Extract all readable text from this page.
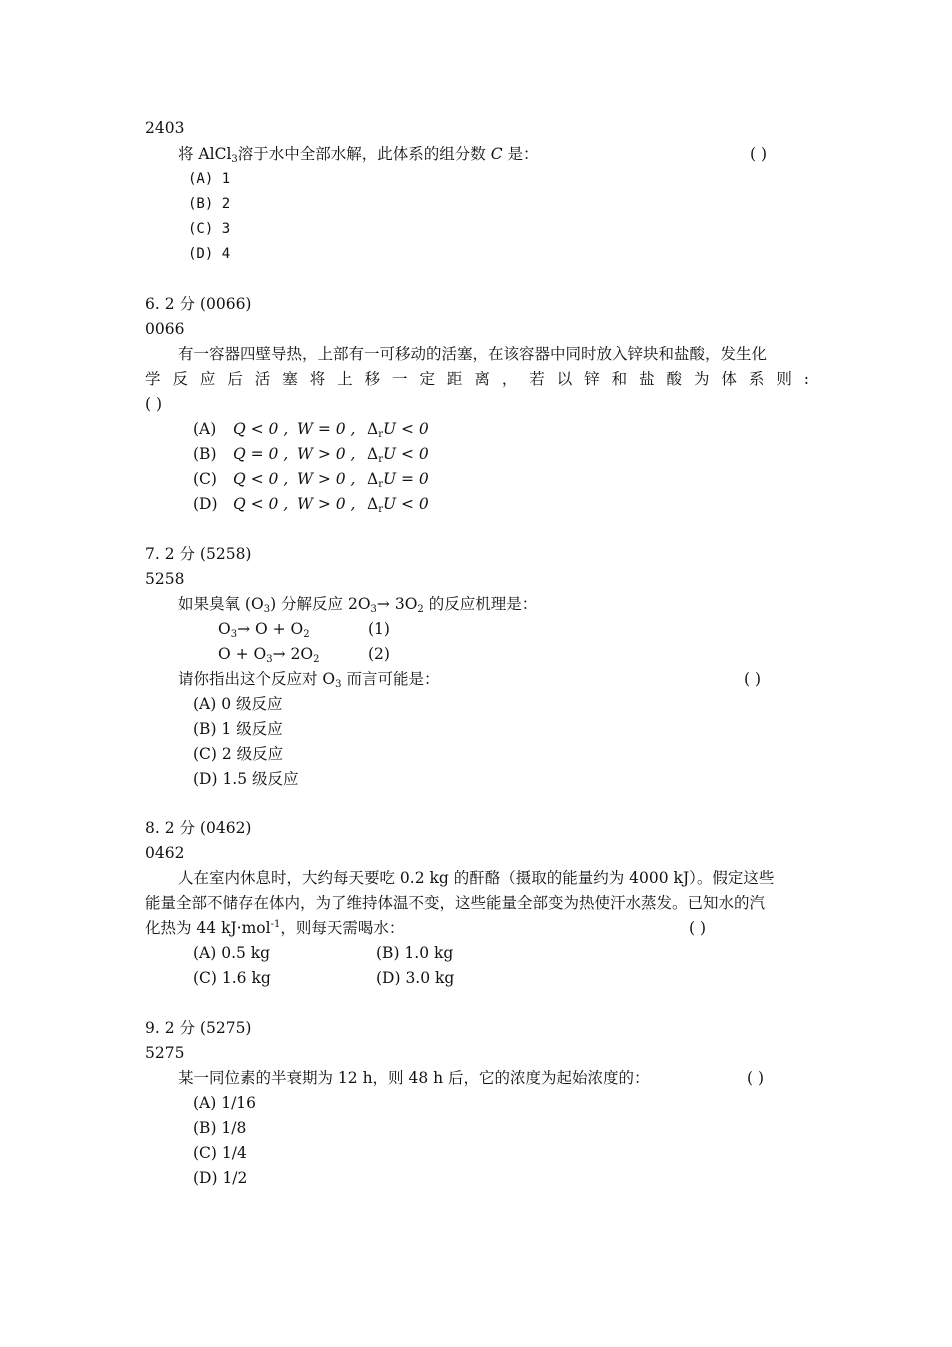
2403
将 AlCl$_3$溶于水中全部水解，此体系的组分数 C 是：	( )
(A) 1
(B) 2
(C) 3
(D) 4
6. 2 分 (0066)
0066
有一容器四壁导热，上部有一可移动的活塞，在该容器中同时放入锌块和盐酸，发生化
学 反 应 后 活 塞 将 上 移 一 定 距 离 ， 若 以 锌 和 盐 酸 为 体 系 则 :
( )
(A) Q < 0 , W = 0 , $\Delta_rU < 0$
(B) Q = 0 , W > 0 , $\Delta_rU < 0$
(C) Q < 0 , W > 0 , $\Delta_rU = 0$
(D) Q < 0 , W > 0 , $\Delta_rU < 0$
7. 2 分 (5258)
5258
如果臭氧 $(O_3)$ 分解反应 $2O_3\to 3O_2$ 的反应机理是：
$O_3\to O + O_2$	(1)
$O + O_3\to 2O_2$	(2)
请你指出这个反应对 $O_3$ 而言可能是：	( )
(A) 0 级反应
(B) 1 级反应
(C) 2 级反应
(D) 1.5 级反应
8. 2 分 (0462)
0462
人在室内休息时，大约每天要吃 0.2 kg 的酐酪（摄取的能量约为 4000 kJ）。假定这些
能量全部不储存在体内，为了维持体温不变，这些能量全部变为热使汗水蒸发。已知水的汽
化热为 44 kJ·mol$^{-1}$，则每天需喝水：	( )
(A) 0.5 kg	(B) 1.0 kg
(C) 1.6 kg	(D) 3.0 kg
9. 2 分 (5275)
5275
某一同位素的半衰期为 12 h，则 48 h 后，它的浓度为起始浓度的：	( )
(A) 1/16
(B) 1/8
(C) 1/4
(D) 1/2
